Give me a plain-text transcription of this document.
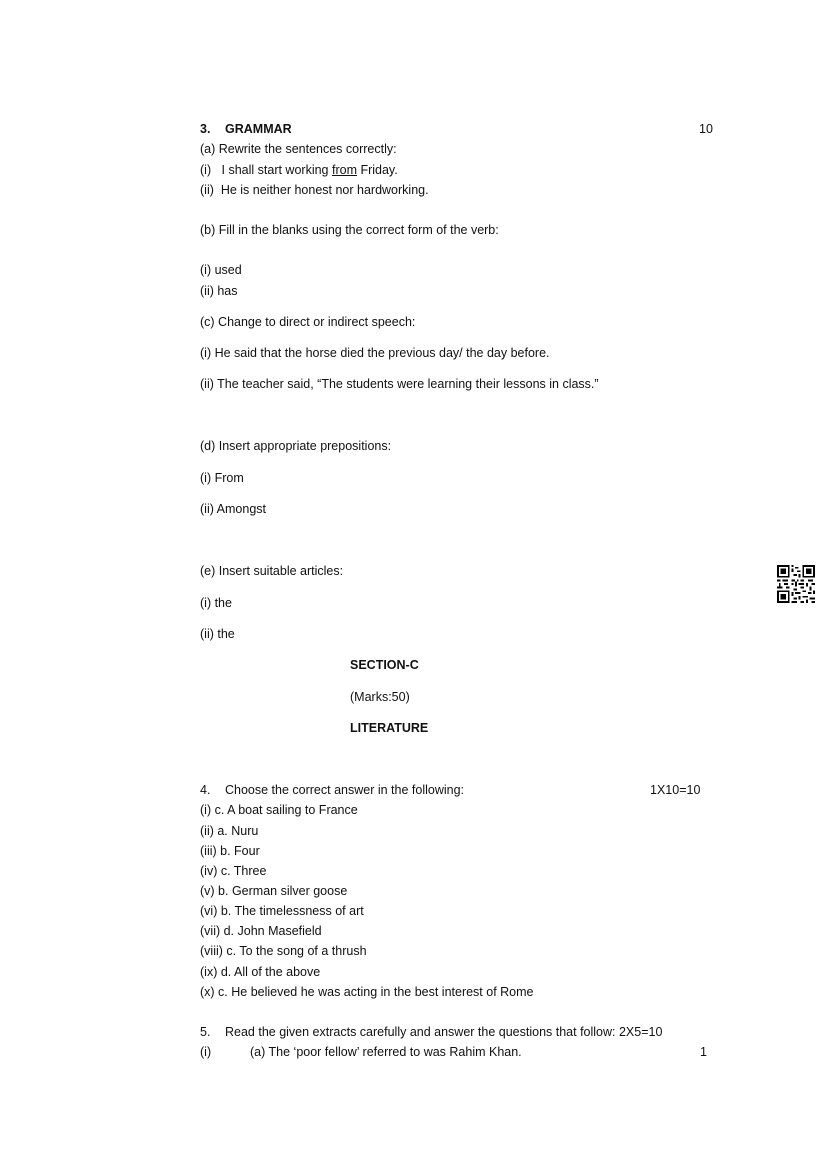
3. GRAMMAR	10
(a) Rewrite the sentences correctly:
(i)   I shall start working from Friday.
(ii)  He is neither honest nor hardworking.
(b) Fill in the blanks using the correct form of the verb:
(i) used
(ii) has
(c) Change to direct or indirect speech:
(i) He said that the horse died the previous day/ the day before.
(ii) The teacher said, “The students were learning their lessons in class.”
(d) Insert appropriate prepositions:
(i) From
(ii) Amongst
(e) Insert suitable articles:
(i) the
(ii) the
SECTION-C
(Marks:50)
LITERATURE
4. Choose the correct answer in the following:	1X10=10
(i) c. A boat sailing to France
(ii) a. Nuru
(iii) b. Four
(iv) c. Three
(v) b. German silver goose
(vi) b. The timelessness of art
(vii) d. John Masefield
(viii) c. To the song of a thrush
(ix) d. All of the above
(x) c. He believed he was acting in the best interest of Rome
5. Read the given extracts carefully and answer the questions that follow: 2X5=10
(i)	(a) The ‘poor fellow’ referred to was Rahim Khan.	1
